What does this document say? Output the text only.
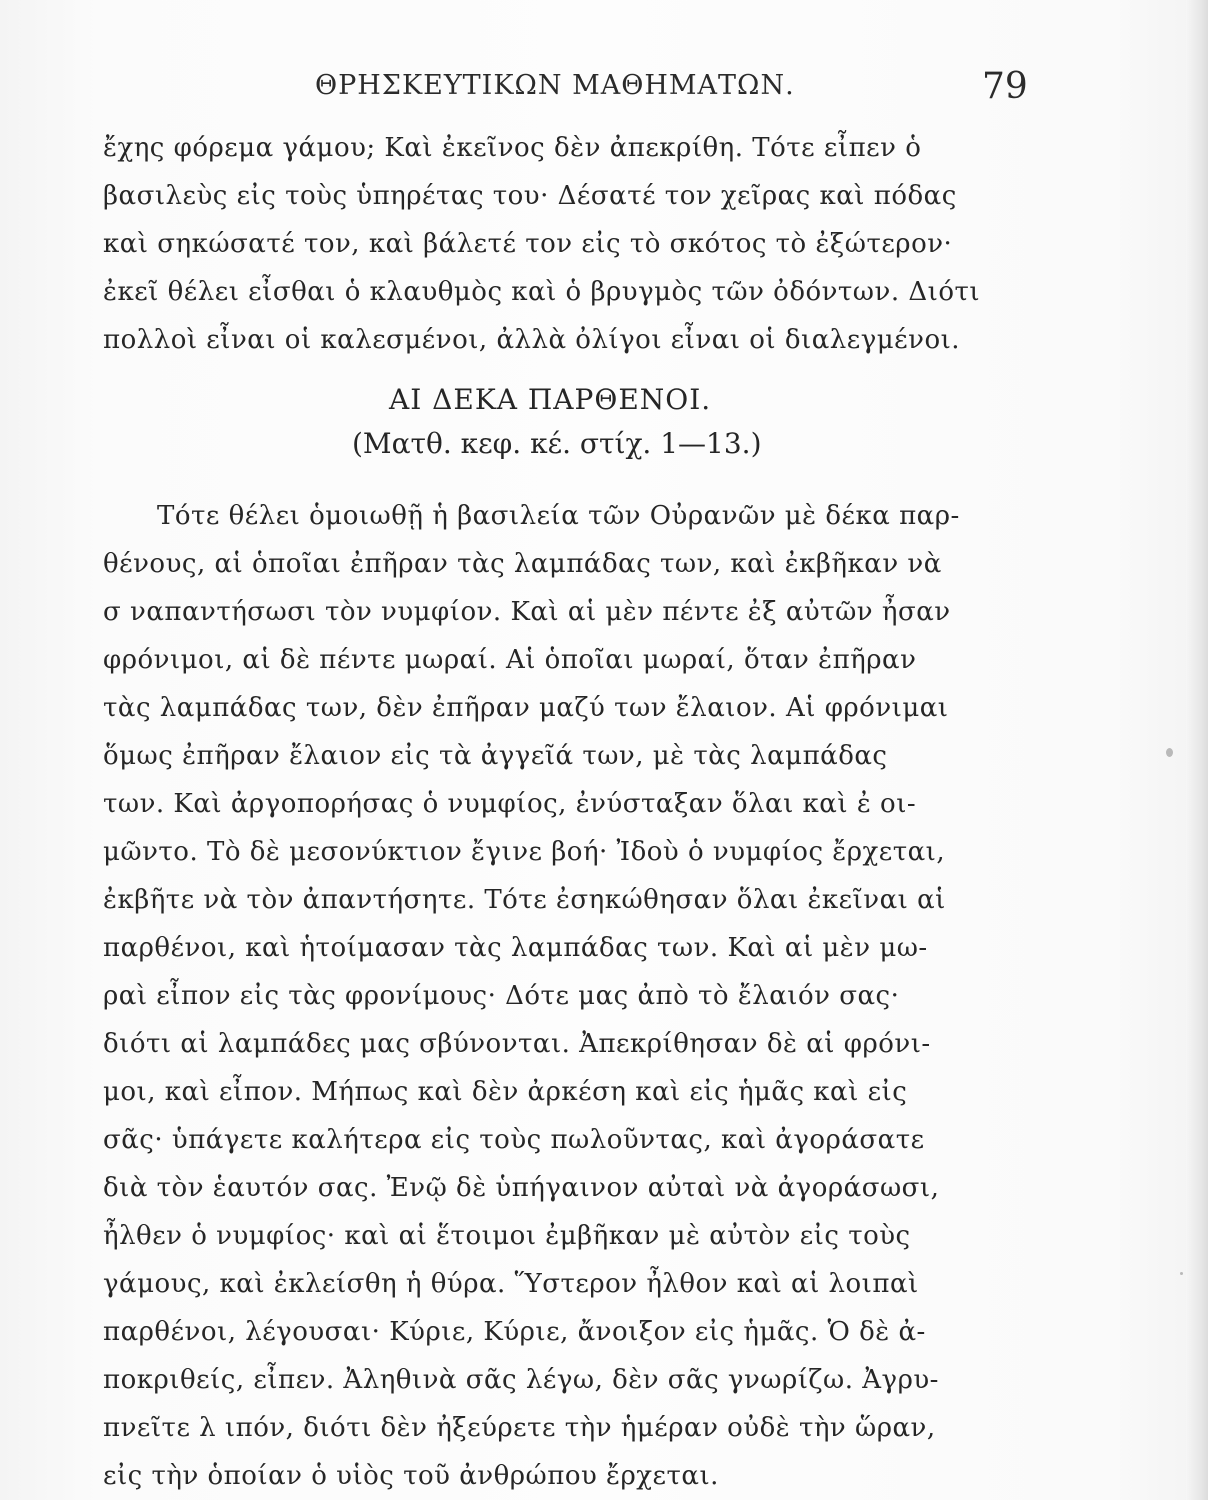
ΘΡΗΣΚΕΥΤΙΚΩΝ ΜΑΘΗΜΑΤΩΝ.	79
ἔχης φόρεμα γάμου; Καὶ ἐκεῖνος δὲν ἀπεκρίθη. Τότε εἶπεν ὁ
βασιλεὺς εἰς τοὺς ὑπηρέτας του· Δέσατέ τον χεῖρας καὶ πόδας
καὶ σηκώσατέ τον, καὶ βάλετέ τον εἰς τὸ σκότος τὸ ἐξώτερον·
ἐκεῖ θέλει εἶσθαι ὁ κλαυθμὸς καὶ ὁ βρυγμὸς τῶν ὀδόντων. Διότι
πολλοὶ εἶναι οἱ καλεσμένοι, ἀλλὰ ὀλίγοι εἶναι οἱ διαλεγμένοι.
ΑΙ ΔΕΚΑ ΠΑΡΘΕΝΟΙ.
(Ματθ. κεφ. κέ. στίχ. 1—13.)
Τότε θέλει ὁμοιωθῇ ἡ βασιλεία τῶν Οὐρανῶν μὲ δέκα παρ-
θένους, αἱ ὁποῖαι ἐπῆραν τὰς λαμπάδας των, καὶ ἐκβῆκαν νὰ
σ ναπαντήσωσι τὸν νυμφίον. Καὶ αἱ μὲν πέντε ἐξ αὐτῶν ἦσαν
φρόνιμοι, αἱ δὲ πέντε μωραί. Αἱ ὁποῖαι μωραί, ὅταν ἐπῆραν
τὰς λαμπάδας των, δὲν ἐπῆραν μαζύ των ἔλαιον. Αἱ φρόνιμαι
ὅμως ἐπῆραν ἔλαιον εἰς τὰ ἀγγεῖά των, μὲ τὰς λαμπάδας
των. Καὶ ἀργοπορήσας ὁ νυμφίος, ἐνύσταξαν ὅλαι καὶ ἐ οι-
μῶντο. Τὸ δὲ μεσονύκτιον ἔγινε βοή· Ἰδοὺ ὁ νυμφίος ἔρχεται,
ἐκβῆτε νὰ τὸν ἀπαντήσητε. Τότε ἐσηκώθησαν ὅλαι ἐκεῖναι αἱ
παρθένοι, καὶ ἡτοίμασαν τὰς λαμπάδας των. Καὶ αἱ μὲν μω-
ραὶ εἶπον εἰς τὰς φρονίμους· Δότε μας ἀπὸ τὸ ἔλαιόν σας·
διότι αἱ λαμπάδες μας σβύνονται. Ἀπεκρίθησαν δὲ αἱ φρόνι-
μοι, καὶ εἶπον. Μήπως καὶ δὲν ἀρκέση καὶ εἰς ἡμᾶς καὶ εἰς
σᾶς· ὑπάγετε καλήτερα εἰς τοὺς πωλοῦντας, καὶ ἀγοράσατε
διὰ τὸν ἑαυτόν σας. Ἐνῷ δὲ ὑπήγαινον αὐταὶ νὰ ἀγοράσωσι,
ἦλθεν ὁ νυμφίος· καὶ αἱ ἕτοιμοι ἐμβῆκαν μὲ αὐτὸν εἰς τοὺς
γάμους, καὶ ἐκλείσθη ἡ θύρα. Ὕστερον ἦλθον καὶ αἱ λοιπαὶ
παρθένοι, λέγουσαι· Κύριε, Κύριε, ἄνοιξον εἰς ἡμᾶς. Ὁ δὲ ἀ-
ποκριθείς, εἶπεν. Ἀληθινὰ σᾶς λέγω, δὲν σᾶς γνωρίζω. Ἀγρυ-
πνεῖτε λ ιπόν, διότι δὲν ἠξεύρετε τὴν ἡμέραν οὐδὲ τὴν ὥραν,
εἰς τὴν ὁποίαν ὁ υἱὸς τοῦ ἀνθρώπου ἔρχεται.
